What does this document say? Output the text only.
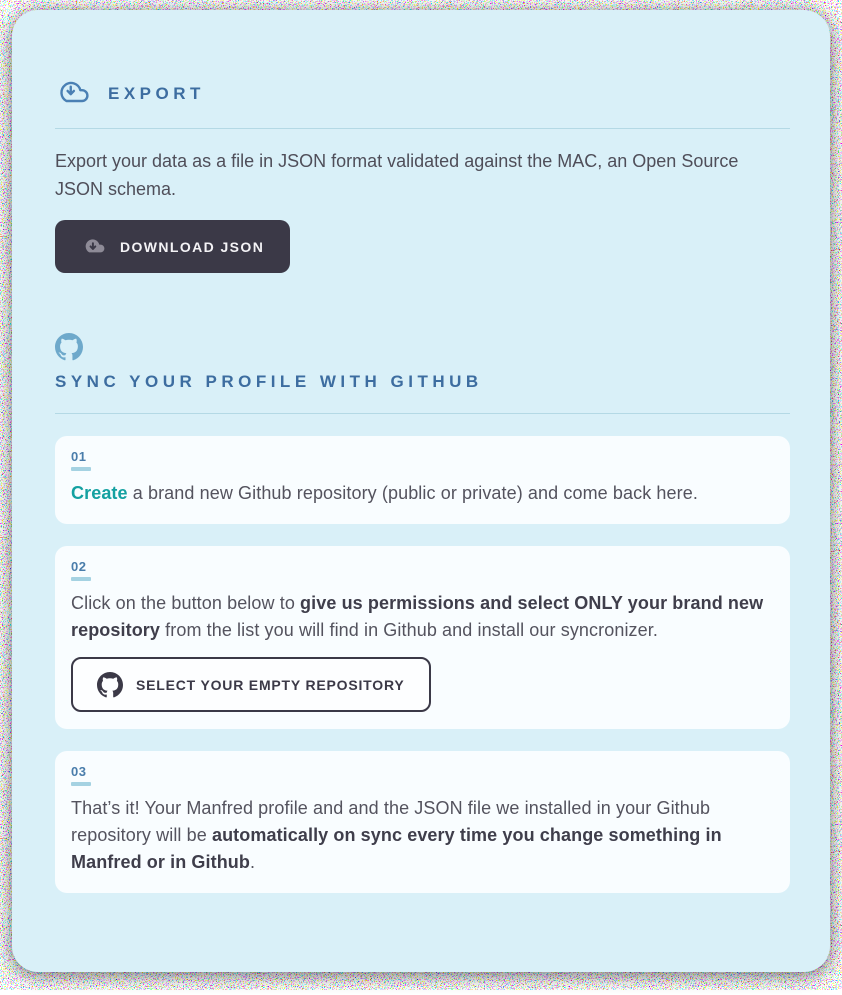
EXPORT

Export your data as a file in JSON format validated against the MAC, an Open Source JSON schema.

DOWNLOAD JSON
SYNC YOUR PROFILE WITH GITHUB
01

Create a brand new Github repository (public or private) and come back here.

02

Click on the button below to give us permissions and select ONLY your brand new repository from the list you will find in Github and install our syncronizer.

SELECT YOUR EMPTY REPOSITORY
03

That’s it! Your Manfred profile and and the JSON file we installed in your Github repository will be automatically on sync every time you change something in Manfred or in Github.
